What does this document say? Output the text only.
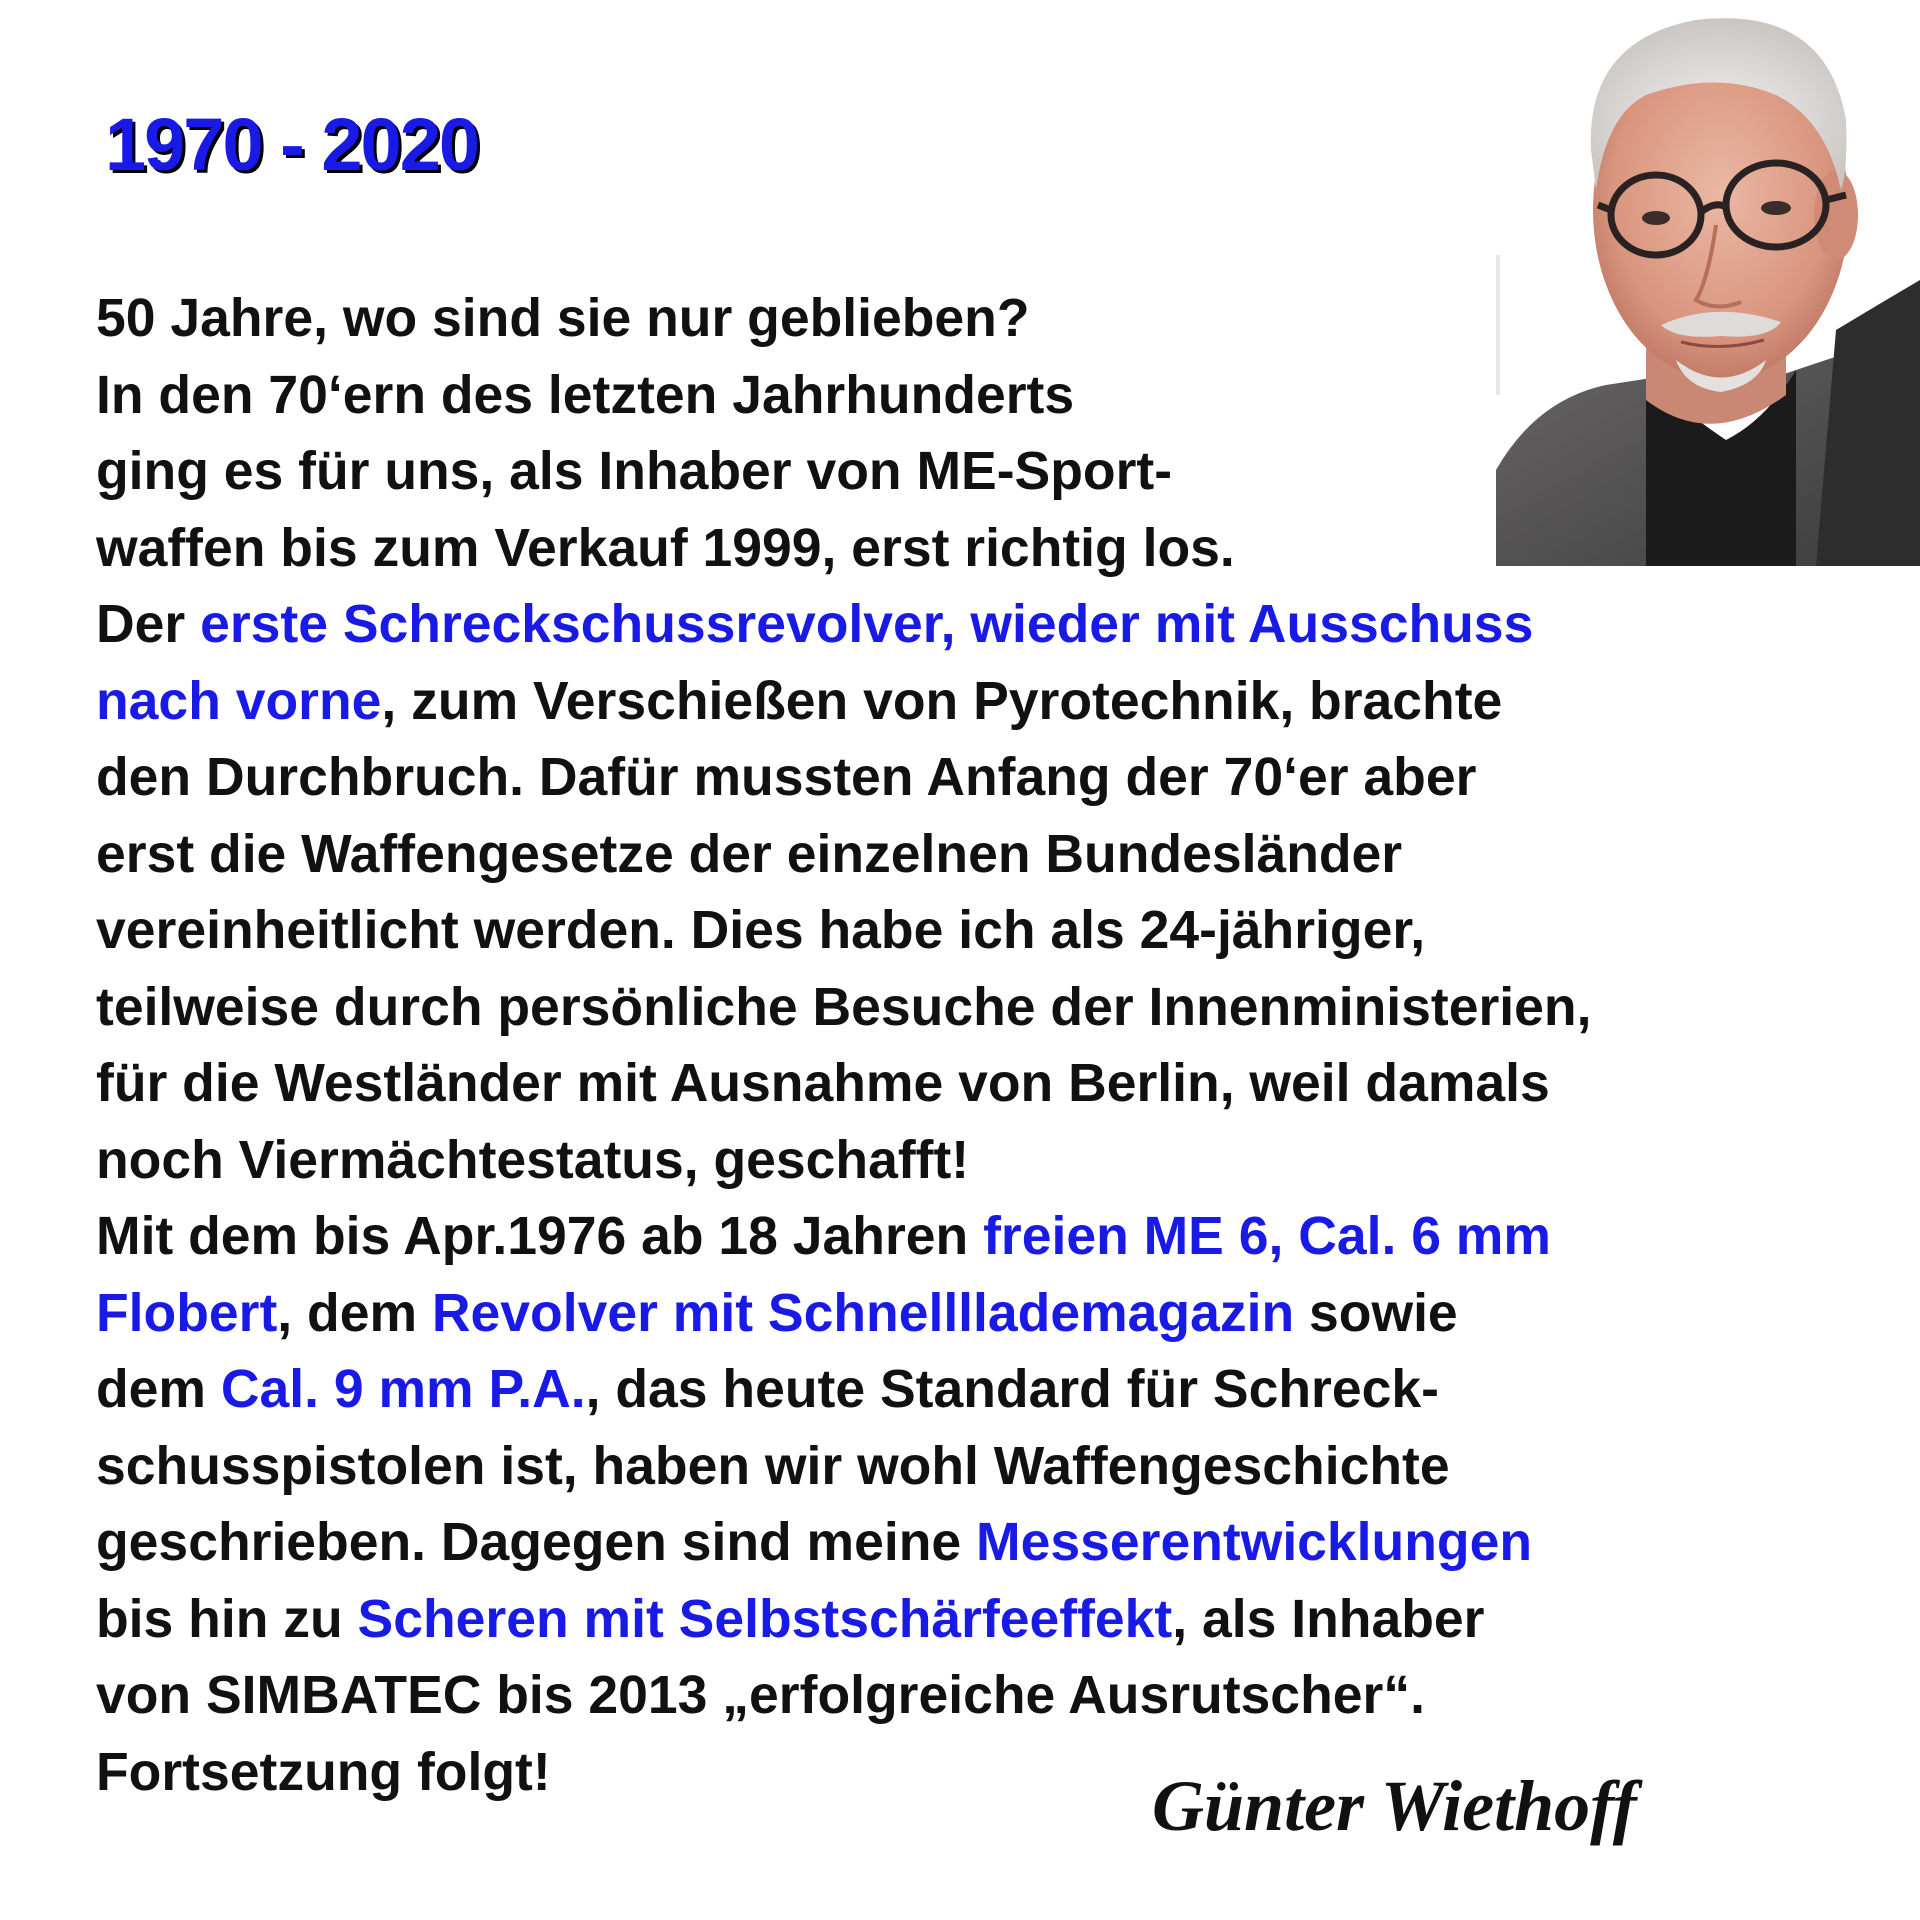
1970 - 2020
50 Jahre, wo sind sie nur geblieben?
In den 70‘ern des letzten Jahrhunderts
ging es für uns, als Inhaber von ME-Sport-
waffen bis zum Verkauf 1999, erst richtig los.
Der erste Schreckschussrevolver, wieder mit Ausschuss
nach vorne, zum Verschießen von Pyrotechnik, brachte
den Durchbruch. Dafür mussten Anfang der 70‘er aber
erst die Waffengesetze der einzelnen Bundesländer
vereinheitlicht werden. Dies habe ich als 24-jähriger,
teilweise durch persönliche Besuche der Innenministerien,
für die Westländer mit Ausnahme von Berlin, weil damals
noch Viermächtestatus, geschafft!
Mit dem bis Apr.1976 ab 18 Jahren freien ME 6, Cal. 6 mm
Flobert, dem Revolver mit Schnellllademagazin sowie
dem Cal. 9 mm P.A., das heute Standard für Schreck-
schusspistolen ist, haben wir wohl Waffengeschichte
geschrieben. Dagegen sind meine Messerentwicklungen
bis hin zu Scheren mit Selbstschärfeeffekt, als Inhaber
von SIMBATEC bis 2013 „erfolgreiche Ausrutscher“.
Fortsetzung folgt!	Günter Wiethoff
